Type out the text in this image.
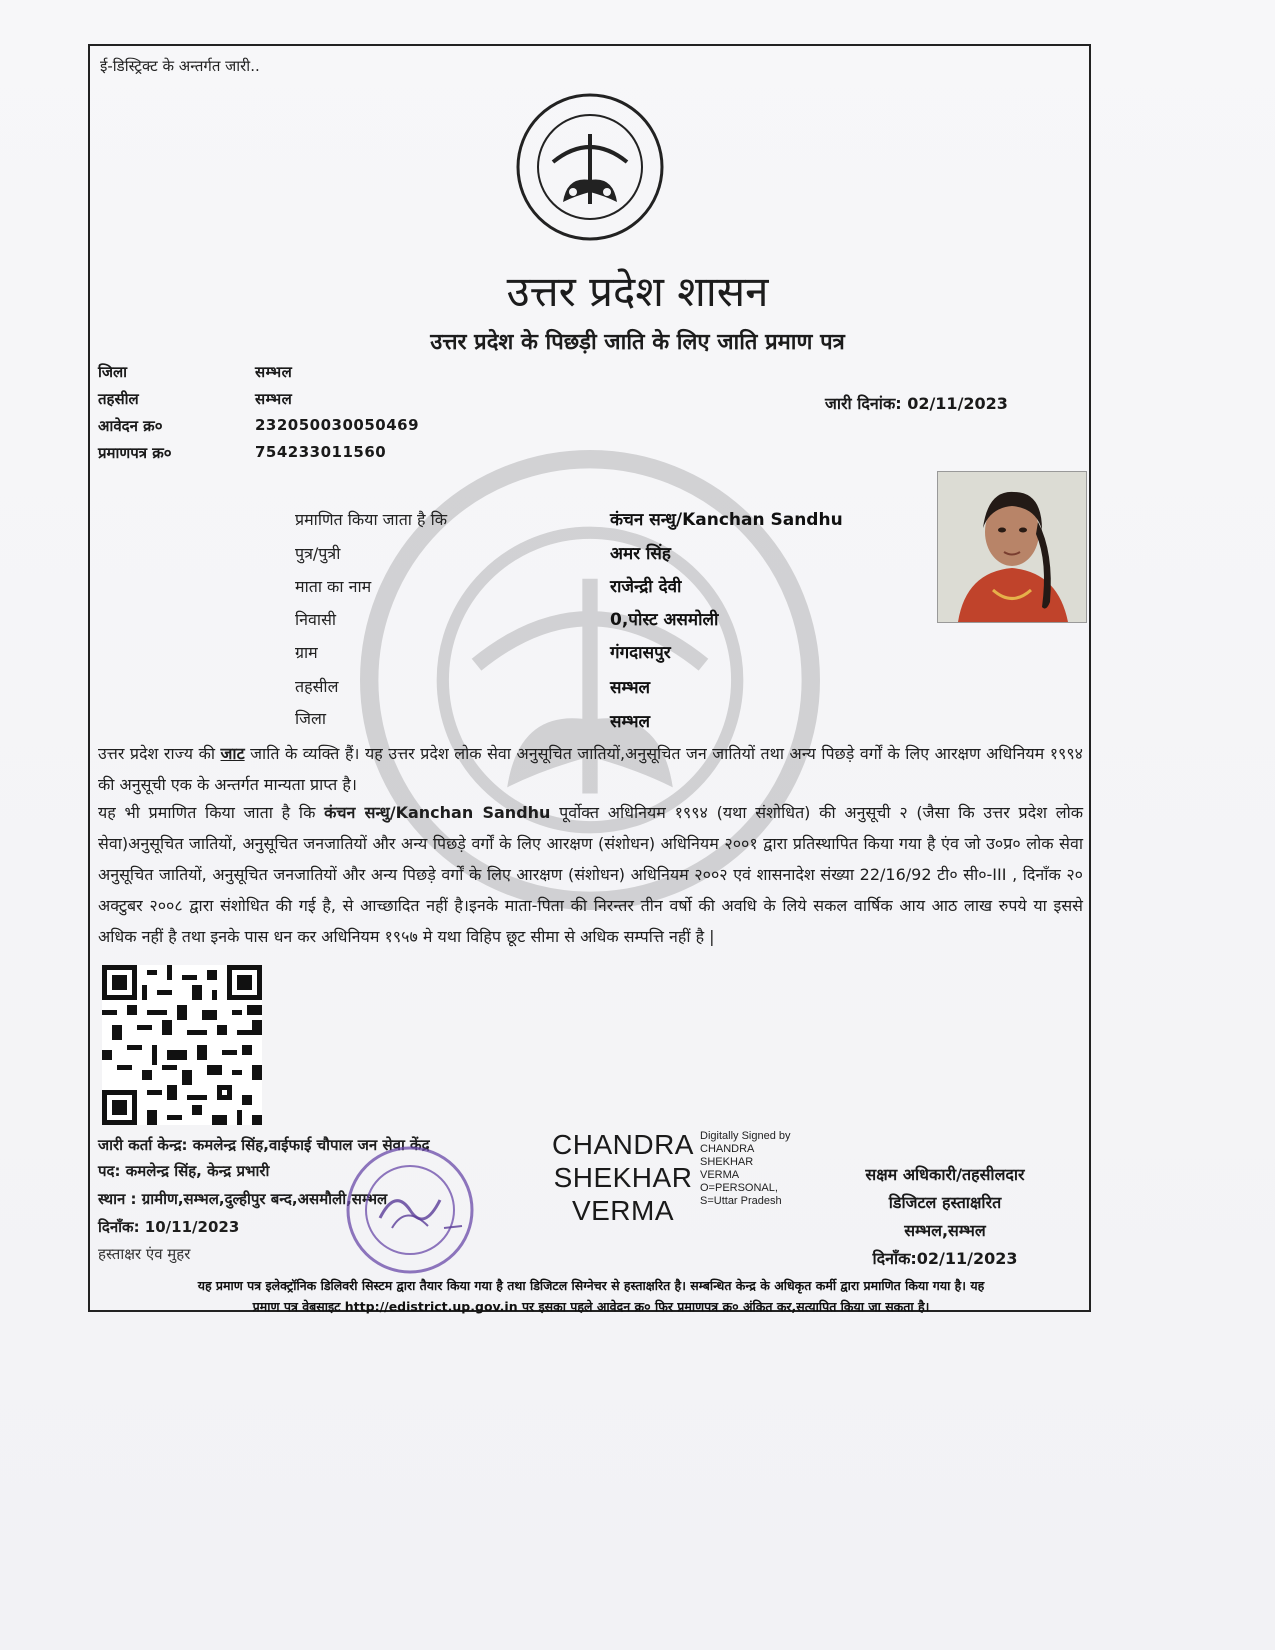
ई-डिस्ट्रिक्ट के अन्तर्गत जारी..
उत्तर प्रदेश शासन
उत्तर प्रदेश के पिछड़ी जाति के लिए जाति प्रमाण पत्र
जिला	सम्भल
तहसील	सम्भल
आवेदन क्र०	232050030050469
प्रमाणपत्र क्र०	754233011560
जारी दिनांक: 02/11/2023
प्रमाणित किया जाता है कि	कंचन सन्धु/Kanchan Sandhu
पुत्र/पुत्री	अमर सिंह
माता का नाम	राजेन्द्री देवी
निवासी	0,पोस्ट असमोली
ग्राम	गंगदासपुर
तहसील	सम्भल
जिला	सम्भल
उत्तर प्रदेश राज्य की जाट जाति के व्यक्ति हैं। यह उत्तर प्रदेश लोक सेवा अनुसूचित जातियों,अनुसूचित जन जातियों तथा अन्य पिछड़े वर्गों के लिए आरक्षण अधिनियम १९९४ की अनुसूची एक के अन्तर्गत मान्यता प्राप्त है।
यह भी प्रमाणित किया जाता है कि कंचन सन्धु/Kanchan Sandhu पूर्वोक्त अधिनियम १९९४ (यथा संशोधित) की अनुसूची २ (जैसा कि उत्तर प्रदेश लोक सेवा)अनुसूचित जातियों, अनुसूचित जनजातियों और अन्य पिछड़े वर्गों के लिए आरक्षण (संशोधन) अधिनियम २००१ द्वारा प्रतिस्थापित किया गया है एंव जो उ०प्र० लोक सेवा अनुसूचित जातियों, अनुसूचित जनजातियों और अन्य पिछड़े वर्गों के लिए आरक्षण (संशोधन) अधिनियम २००२ एवं शासनादेश संख्या 22/16/92 टी० सी०-III , दिनाँक २० अक्टुबर २००८ द्वारा संशोधित की गई है, से आच्छादित नहीं है।इनके माता-पिता की निरन्तर तीन वर्षो की अवधि के लिये सकल वार्षिक आय आठ लाख रुपये या इससे अधिक नहीं है तथा इनके पास धन कर अधिनियम १९५७ मे यथा विहिप छूट सीमा से अधिक सम्पत्ति नहीं है |
जारी कर्ता केन्द्र: कमलेन्द्र सिंह,वाईफाई चौपाल जन सेवा केंद्र
पद: कमलेन्द्र सिंह, केन्द्र प्रभारी
स्थान : ग्रामीण,सम्भल,दुल्हीपुर बन्द,असमौली,सम्भल
दिनाँक: 10/11/2023
हस्ताक्षर एंव मुहर
CHANDRA
SHEKHAR
VERMA
Digitally Signed by
CHANDRA
SHEKHAR
VERMA
O=PERSONAL,
S=Uttar Pradesh
सक्षम अधिकारी/तहसीलदार
डिजिटल हस्ताक्षरित
सम्भल,सम्भल
दिनाँक:02/11/2023
यह प्रमाण पत्र इलेक्ट्रॉनिक डिलिवरी सिस्टम द्वारा तैयार किया गया है तथा डिजिटल सिग्नेचर से हस्ताक्षरित है। सम्बन्धित केन्द्र के अधिकृत कर्मी द्वारा प्रमाणित किया गया है। यह
प्रमाण पत्र वेबसाइट http://edistrict.up.gov.in पर इसका पहले आवेदन क्र० फिर प्रमाणपत्र क्र० अंकित कर,सत्यापित किया जा सकता है।
